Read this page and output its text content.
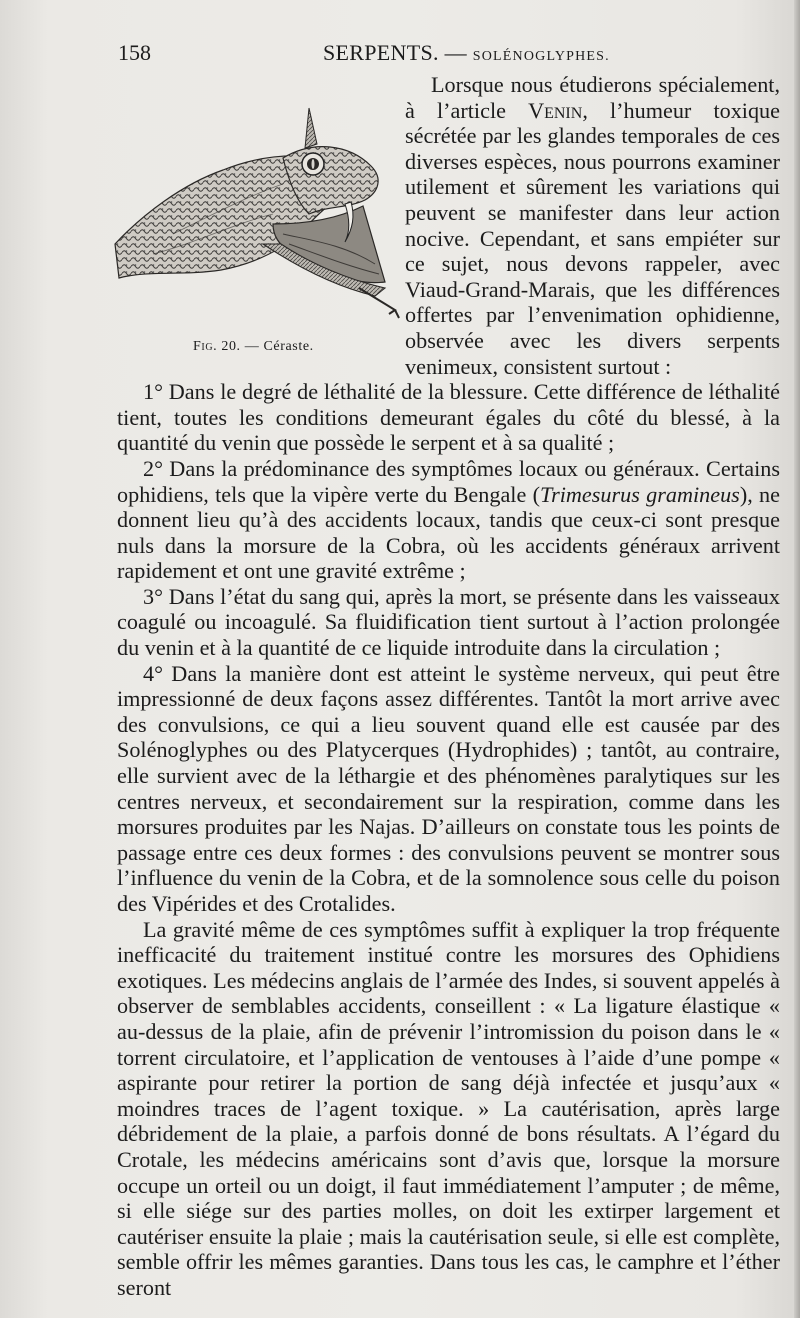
158	SERPENTS. — SOLÉNOGLYPHES.
Fig. 20. — Céraste.

Lorsque nous étudierons spécialement, à l’article Venin, l’humeur toxique sécrétée par les glandes temporales de ces diverses espèces, nous pourrons examiner utilement et sûrement les variations qui peuvent se manifester dans leur action nocive. Cependant, et sans empiéter sur ce sujet, nous devons rappeler, avec Viaud-Grand-Marais, que les différences offertes par l’envenimation ophidienne, observée avec les divers serpents venimeux, consistent surtout :

1° Dans le degré de léthalité de la blessure. Cette différence de léthalité tient, toutes les conditions demeurant égales du côté du blessé, à la quantité du venin que possède le serpent et à sa qualité ;

2° Dans la prédominance des symptômes locaux ou généraux. Certains ophidiens, tels que la vipère verte du Bengale (Trimesurus gramineus), ne donnent lieu qu’à des accidents locaux, tandis que ceux-ci sont presque nuls dans la morsure de la Cobra, où les accidents généraux arrivent rapidement et ont une gravité extrême ;

3° Dans l’état du sang qui, après la mort, se présente dans les vaisseaux coagulé ou incoagulé. Sa fluidification tient surtout à l’action prolongée du venin et à la quantité de ce liquide introduite dans la circulation ;

4° Dans la manière dont est atteint le système nerveux, qui peut être impressionné de deux façons assez différentes. Tantôt la mort arrive avec des convulsions, ce qui a lieu souvent quand elle est causée par des Solénoglyphes ou des Platycerques (Hydrophides) ; tantôt, au contraire, elle survient avec de la léthargie et des phénomènes paralytiques sur les centres nerveux, et secondairement sur la respiration, comme dans les morsures produites par les Najas. D’ailleurs on constate tous les points de passage entre ces deux formes : des convulsions peuvent se montrer sous l’influence du venin de la Cobra, et de la somnolence sous celle du poison des Vipérides et des Crotalides.

La gravité même de ces symptômes suffit à expliquer la trop fréquente inefficacité du traitement institué contre les morsures des Ophidiens exotiques. Les médecins anglais de l’armée des Indes, si souvent appelés à observer de semblables accidents, conseillent : « La ligature élastique « au-dessus de la plaie, afin de prévenir l’intromission du poison dans le « torrent circulatoire, et l’application de ventouses à l’aide d’une pompe « aspirante pour retirer la portion de sang déjà infectée et jusqu’aux « moindres traces de l’agent toxique. » La cautérisation, après large débridement de la plaie, a parfois donné de bons résultats. A l’égard du Crotale, les médecins américains sont d’avis que, lorsque la morsure occupe un orteil ou un doigt, il faut immédiatement l’amputer ; de même, si elle siége sur des parties molles, on doit les extirper largement et cautériser ensuite la plaie ; mais la cautérisation seule, si elle est complète, semble offrir les mêmes garanties. Dans tous les cas, le camphre et l’éther seront
